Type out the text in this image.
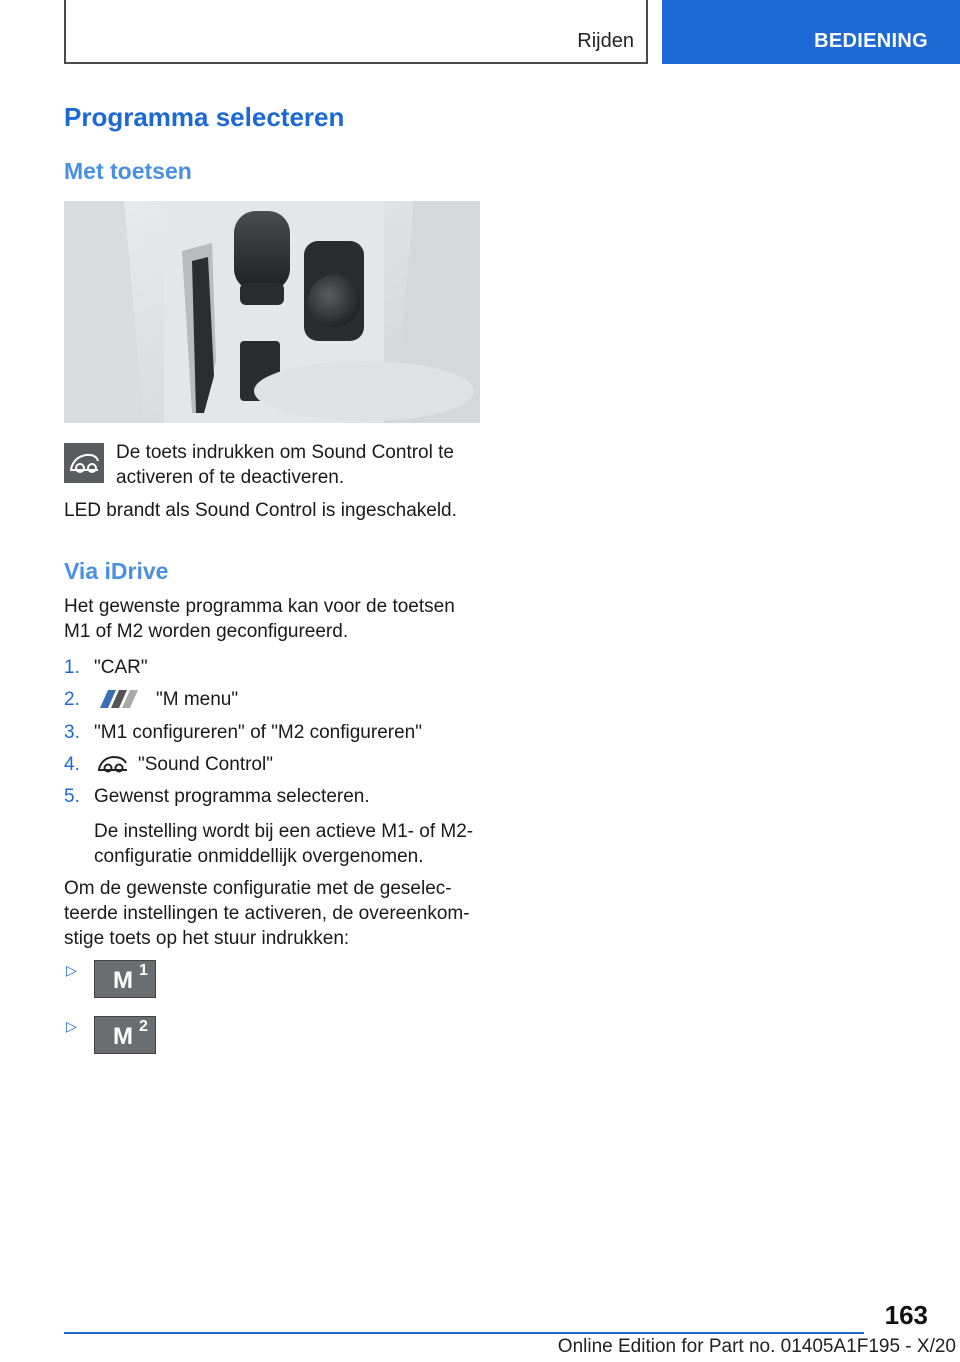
Rijden	BEDIENING
Programma selecteren
Met toetsen
De toets indrukken om Sound Control te
activeren of te deactiveren.
LED brandt als Sound Control is ingeschakeld.
Via iDrive
Het gewenste programma kan voor de toetsen
M1 of M2 worden geconfigureerd.
1. "CAR"
2.	"M menu"
3. "M1 configureren" of "M2 configureren"
4.	"Sound Control"
5. Gewenst programma selecteren.
De instelling wordt bij een actieve M1- of M2-
configuratie onmiddellijk overgenomen.
Om de gewenste configuratie met de geselec-
teerde instellingen te activeren, de overeenkom-
stige toets op het stuur indrukken:
▷ M 1
▷ M 2
163
Online Edition for Part no. 01405A1F195 - X/20
